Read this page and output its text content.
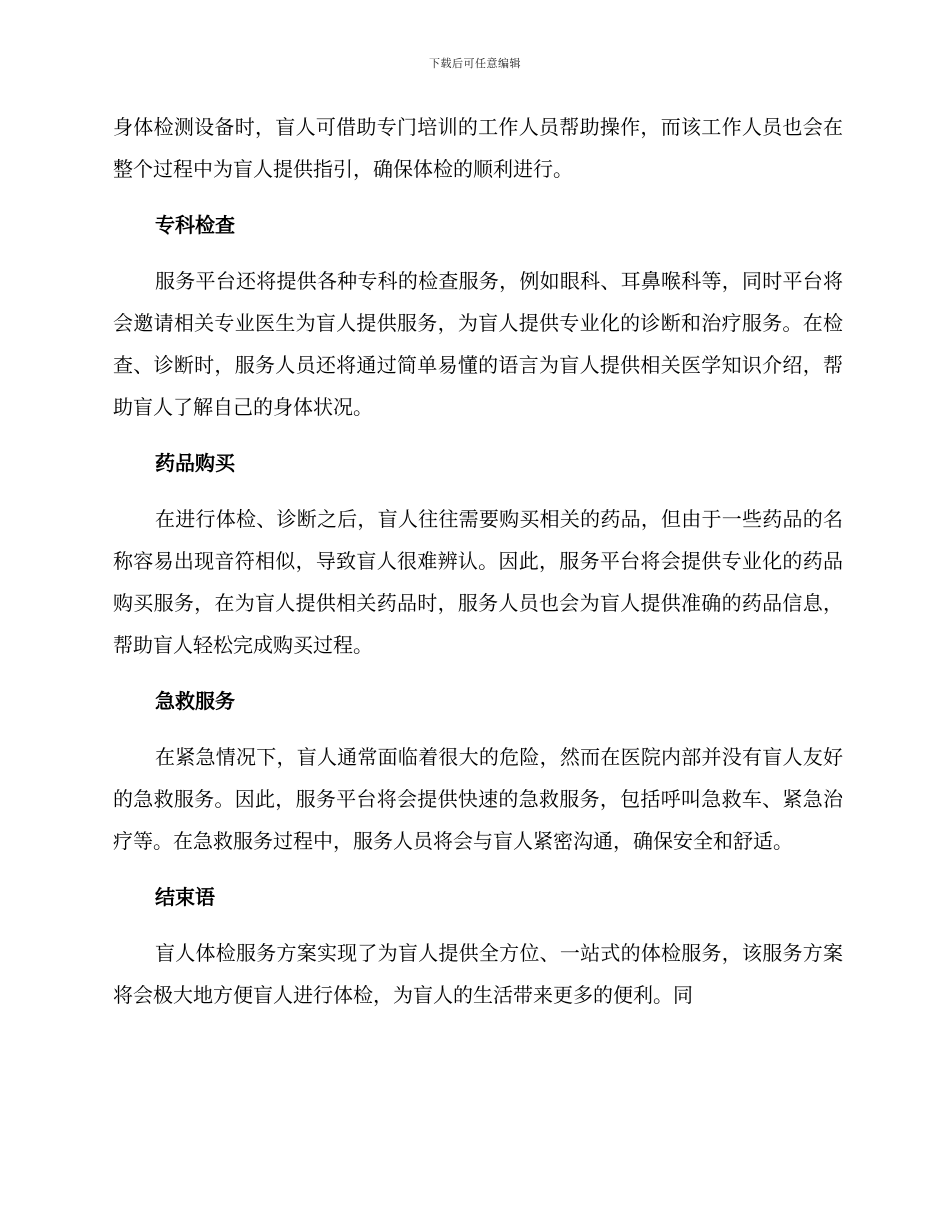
下载后可任意编辑

身体检测设备时，盲人可借助专门培训的工作人员帮助操作，而该工作人员也会在整个过程中为盲人提供指引，确保体检的顺利进行。

专科检查

服务平台还将提供各种专科的检查服务，例如眼科、耳鼻喉科等，同时平台将会邀请相关专业医生为盲人提供服务，为盲人提供专业化的诊断和治疗服务。在检查、诊断时，服务人员还将通过简单易懂的语言为盲人提供相关医学知识介绍，帮助盲人了解自己的身体状况。

药品购买

在进行体检、诊断之后，盲人往往需要购买相关的药品，但由于一些药品的名称容易出现音符相似，导致盲人很难辨认。因此，服务平台将会提供专业化的药品购买服务，在为盲人提供相关药品时，服务人员也会为盲人提供准确的药品信息，帮助盲人轻松完成购买过程。

急救服务

在紧急情况下，盲人通常面临着很大的危险，然而在医院内部并没有盲人友好的急救服务。因此，服务平台将会提供快速的急救服务，包括呼叫急救车、紧急治疗等。在急救服务过程中，服务人员将会与盲人紧密沟通，确保安全和舒适。

结束语

盲人体检服务方案实现了为盲人提供全方位、一站式的体检服务，该服务方案将会极大地方便盲人进行体检，为盲人的生活带来更多的便利。同
